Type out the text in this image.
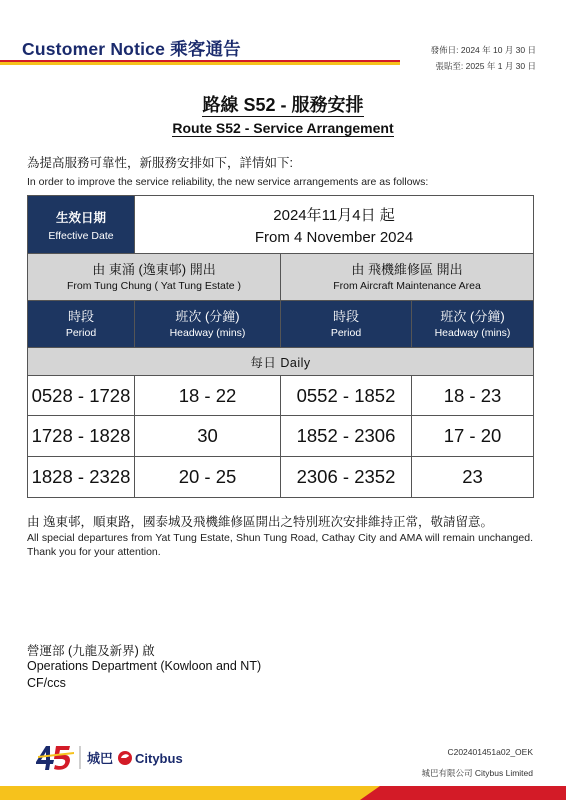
Customer Notice 乘客通告	發佈日: 2024 年 10 月 30 日
張貼至: 2025 年 1 月 30 日
路線 S52 - 服務安排
Route S52 - Service Arrangement
為提高服務可靠性，新服務安排如下，詳情如下:
In order to improve the service reliability, the new service arrangements are as follows:
生效日期
Effective Date	2024年11月4日 起
From 4 November 2024		

由 東涌 (逸東邨) 開出
From Tung Chung ( Yat Tung Estate )		由 飛機維修區 開出
From Aircraft Maintenance Area	

時段
Period	班次 (分鐘)
Headway (mins)	時段
Period	班次 (分鐘)
Headway (mins)

每日 Daily			
0528 - 1728	18 - 22	0552 - 1852	18 - 23
1728 - 1828	30	1852 - 2306	17 - 20
1828 - 2328	20 - 25	2306 - 2352	23
由 逸東邨，順東路，國泰城及飛機維修區開出之特別班次安排維持正常，敬請留意。
All special departures from Yat Tung Estate, Shun Tung Road, Cathay City and AMA will remain unchanged. Thank you for your attention.
營運部 (九龍及新界) 啟
Operations Department (Kowloon and NT)
CF/ccs
城巴 Citybus	C202401451a02_OEK
城巴有限公司 Citybus Limited
